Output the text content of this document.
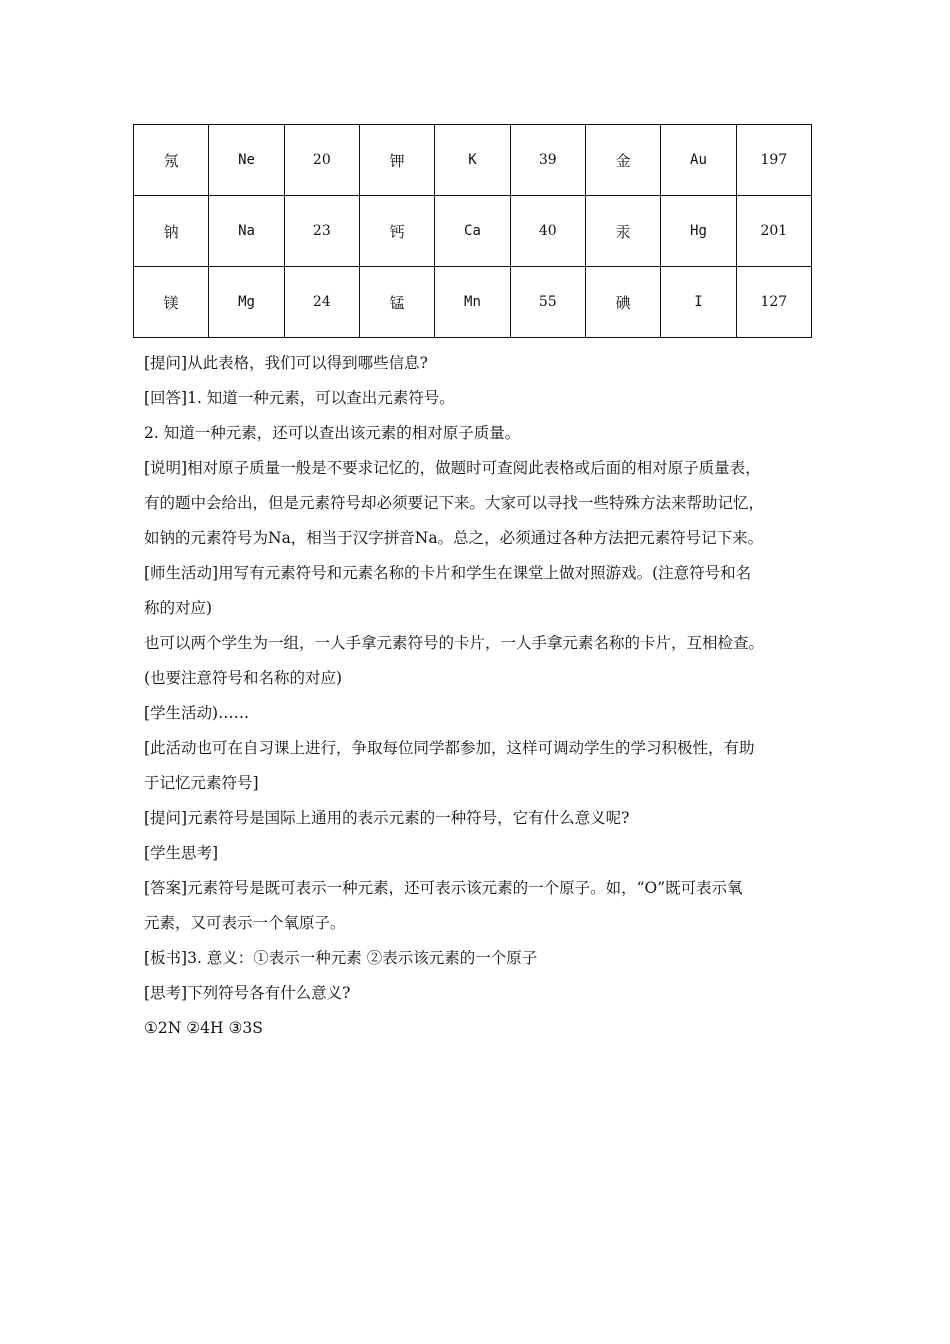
氖	Ne	20	钾	K	39	金	Au	197
钠	Na	23	钙	Ca	40	汞	Hg	201
镁	Mg	24	锰	Mn	55	碘	I	127

[提问]从此表格，我们可以得到哪些信息?

[回答]1. 知道一种元素，可以查出元素符号。

2. 知道一种元素，还可以查出该元素的相对原子质量。

[说明]相对原子质量一般是不要求记忆的，做题时可查阅此表格或后面的相对原子质量表，

有的题中会给出，但是元素符号却必须要记下来。大家可以寻找一些特殊方法来帮助记忆，

如钠的元素符号为Na，相当于汉字拼音Na。总之，必须通过各种方法把元素符号记下来。

[师生活动]用写有元素符号和元素名称的卡片和学生在课堂上做对照游戏。(注意符号和名

称的对应)

也可以两个学生为一组，一人手拿元素符号的卡片，一人手拿元素名称的卡片，互相检查。

(也要注意符号和名称的对应)

[学生活动)……

[此活动也可在自习课上进行，争取每位同学都参加，这样可调动学生的学习积极性，有助

于记忆元素符号]

[提问]元素符号是国际上通用的表示元素的一种符号，它有什么意义呢?

[学生思考]

[答案]元素符号是既可表示一种元素，还可表示该元素的一个原子。如，“O”既可表示氧

元素，又可表示一个氧原子。

[板书]3. 意义：①表示一种元素 ②表示该元素的一个原子

[思考]下列符号各有什么意义?

①2N ②4H ③3S
